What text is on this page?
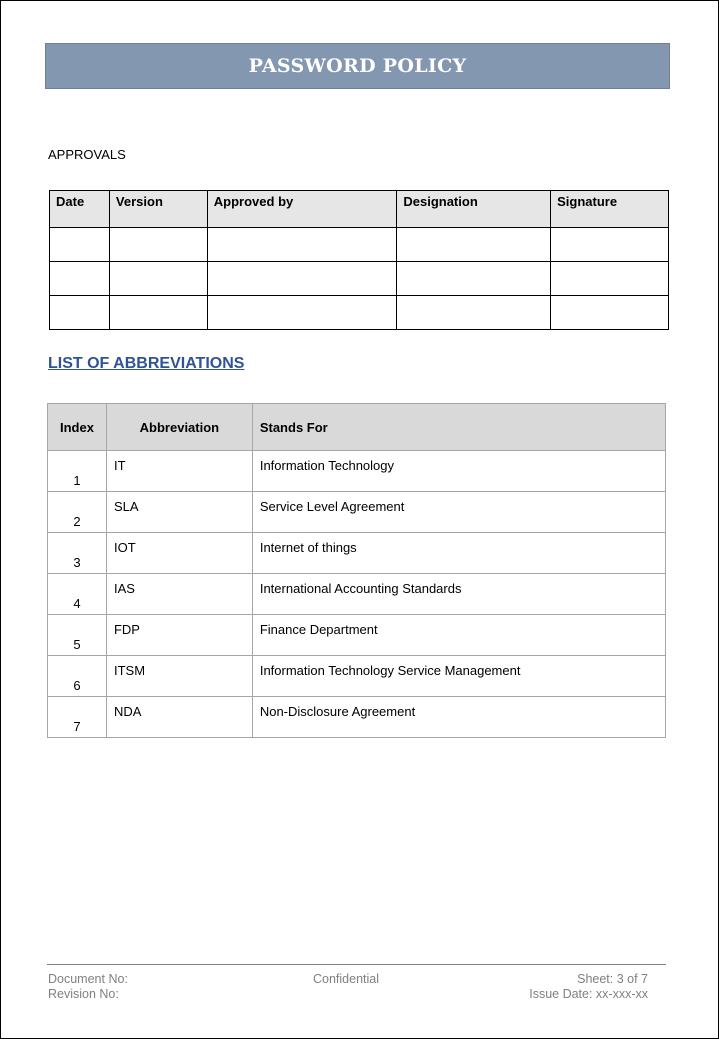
PASSWORD POLICY
APPROVALS
Date	Version	Approved by	Designation	Signature

LIST OF ABBREVIATIONS
Index	Abbreviation	Stands For
1	IT	Information Technology
2	SLA	Service Level Agreement
3	IOT	Internet of things
4	IAS	International Accounting Standards
5	FDP	Finance Department
6	ITSM	Information Technology Service Management
7	NDA	Non-Disclosure Agreement
Document No:
Revision No:
Confidential	Sheet: 3 of 7
Issue Date: xx-xxx-xx
